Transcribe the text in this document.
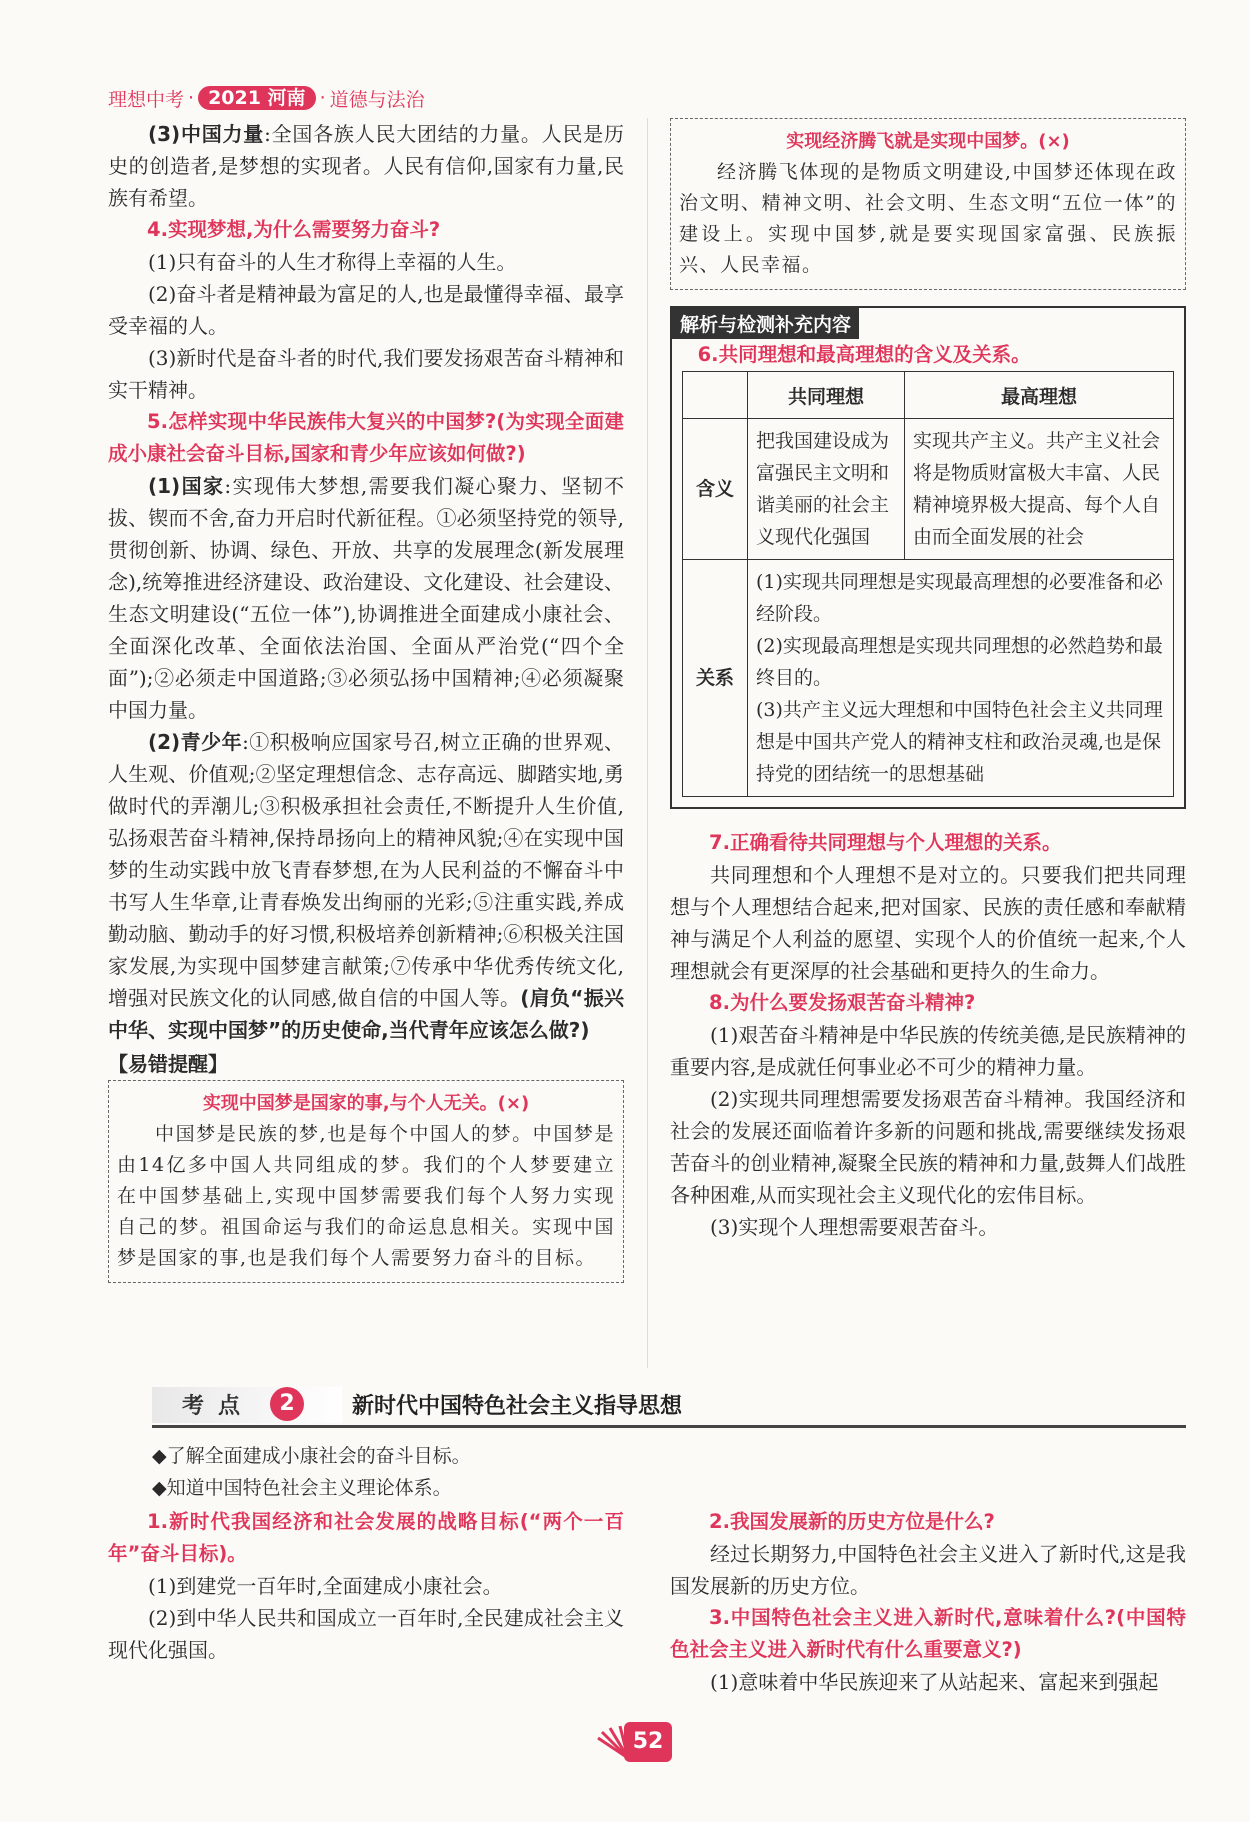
理想中考 · 2021 河南 · 道德与法治

(3)中国力量:全国各族人民大团结的力量。人民是历史的创造者,是梦想的实现者。人民有信仰,国家有力量,民族有希望。

4.实现梦想,为什么需要努力奋斗?

(1)只有奋斗的人生才称得上幸福的人生。

(2)奋斗者是精神最为富足的人,也是最懂得幸福、最享受幸福的人。

(3)新时代是奋斗者的时代,我们要发扬艰苦奋斗精神和实干精神。

5.怎样实现中华民族伟大复兴的中国梦?(为实现全面建成小康社会奋斗目标,国家和青少年应该如何做?)

(1)国家:实现伟大梦想,需要我们凝心聚力、坚韧不拔、锲而不舍,奋力开启时代新征程。①必须坚持党的领导,贯彻创新、协调、绿色、开放、共享的发展理念(新发展理念),统筹推进经济建设、政治建设、文化建设、社会建设、生态文明建设(“五位一体”),协调推进全面建成小康社会、全面深化改革、全面依法治国、全面从严治党(“四个全面”);②必须走中国道路;③必须弘扬中国精神;④必须凝聚中国力量。

(2)青少年:①积极响应国家号召,树立正确的世界观、人生观、价值观;②坚定理想信念、志存高远、脚踏实地,勇做时代的弄潮儿;③积极承担社会责任,不断提升人生价值,弘扬艰苦奋斗精神,保持昂扬向上的精神风貌;④在实现中国梦的生动实践中放飞青春梦想,在为人民利益的不懈奋斗中书写人生华章,让青春焕发出绚丽的光彩;⑤注重实践,养成勤动脑、勤动手的好习惯,积极培养创新精神;⑥积极关注国家发展,为实现中国梦建言献策;⑦传承中华优秀传统文化,增强对民族文化的认同感,做自信的中国人等。(肩负“振兴中华、实现中国梦”的历史使命,当代青年应该怎么做?)

【易错提醒】

实现中国梦是国家的事,与个人无关。(×)

中国梦是民族的梦,也是每个中国人的梦。中国梦是由14亿多中国人共同组成的梦。我们的个人梦要建立在中国梦基础上,实现中国梦需要我们每个人努力实现自己的梦。祖国命运与我们的命运息息相关。实现中国梦是国家的事,也是我们每个人需要努力奋斗的目标。

实现经济腾飞就是实现中国梦。(×)

经济腾飞体现的是物质文明建设,中国梦还体现在政治文明、精神文明、社会文明、生态文明“五位一体”的建设上。实现中国梦,就是要实现国家富强、民族振兴、人民幸福。

解析与检测补充内容

6.共同理想和最高理想的含义及关系。

	共同理想	最高理想
含义	把我国建设成为富强民主文明和谐美丽的社会主义现代化强国	实现共产主义。共产主义社会将是物质财富极大丰富、人民精神境界极大提高、每个人自由而全面发展的社会
关系	(1)实现共同理想是实现最高理想的必要准备和必经阶段。

(2)实现最高理想是实现共同理想的必然趋势和最终目的。

(3)共产主义远大理想和中国特色社会主义共同理想是中国共产党人的精神支柱和政治灵魂,也是保持党的团结统一的思想基础	

7.正确看待共同理想与个人理想的关系。

共同理想和个人理想不是对立的。只要我们把共同理想与个人理想结合起来,把对国家、民族的责任感和奉献精神与满足个人利益的愿望、实现个人的价值统一起来,个人理想就会有更深厚的社会基础和更持久的生命力。

8.为什么要发扬艰苦奋斗精神?

(1)艰苦奋斗精神是中华民族的传统美德,是民族精神的重要内容,是成就任何事业必不可少的精神力量。

(2)实现共同理想需要发扬艰苦奋斗精神。我国经济和社会的发展还面临着许多新的问题和挑战,需要继续发扬艰苦奋斗的创业精神,凝聚全民族的精神和力量,鼓舞人们战胜各种困难,从而实现社会主义现代化的宏伟目标。

(3)实现个人理想需要艰苦奋斗。

考点	2	新时代中国特色社会主义指导思想

◆了解全面建成小康社会的奋斗目标。

◆知道中国特色社会主义理论体系。

1.新时代我国经济和社会发展的战略目标(“两个一百年”奋斗目标)。

(1)到建党一百年时,全面建成小康社会。

(2)到中华人民共和国成立一百年时,全民建成社会主义现代化强国。

2.我国发展新的历史方位是什么?

经过长期努力,中国特色社会主义进入了新时代,这是我国发展新的历史方位。

3.中国特色社会主义进入新时代,意味着什么?(中国特色社会主义进入新时代有什么重要意义?)

(1)意味着中华民族迎来了从站起来、富起来到强起

52
